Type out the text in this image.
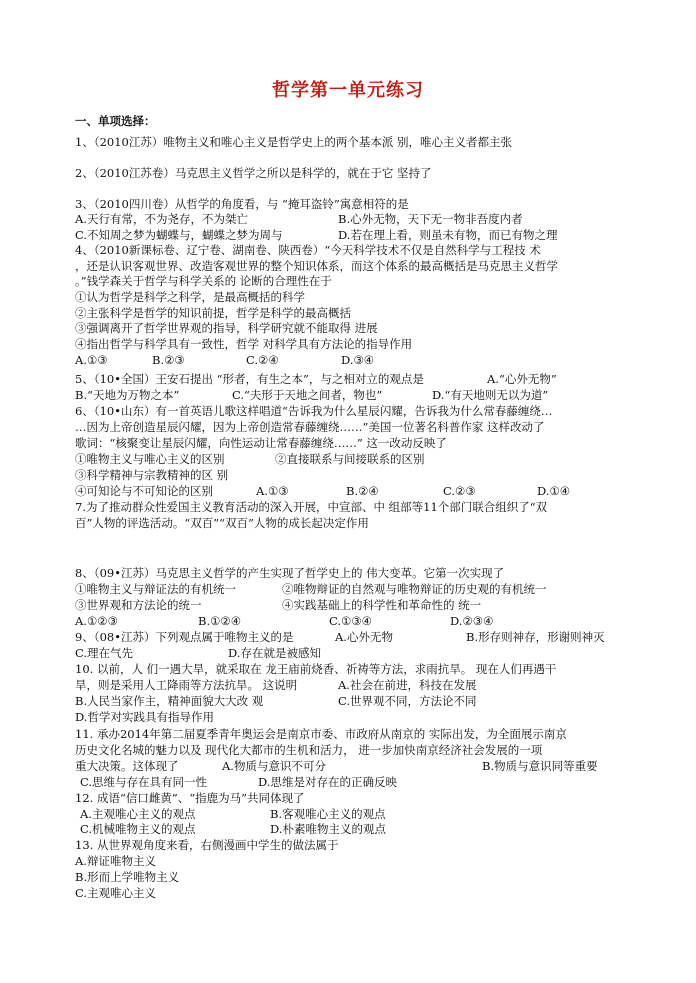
哲学第一单元练习
一、单项选择：
1、（2010江苏）唯物主义和唯心主义是哲学史上的两个基本派 别，唯心主义者都主张
2、（2010江苏卷）马克思主义哲学之所以是科学的，就在于它 坚持了
3、（2010四川卷）从哲学的角度看，与 “掩耳盗铃”寓意相符的是
A.天行有常，不为尧存，不为桀亡	B.心外无物，天下无一物非吾度内者
C.不知周之梦为蝴蝶与，蝴蝶之梦为周与	D.若在理上看，则虽未有物，而已有物之理
4、（2010新课标卷、辽宁卷、湖南卷、陕西卷）“今天科学技术不仅是自然科学与工程技 术
，还是认识客观世界、改造客观世界的整个知识体系，而这个体系的最高概括是马克思主义哲学
。”钱学森关于哲学与科学关系的 论断的合理性在于
①认为哲学是科学之科学，是最高概括的科学
②主张科学是哲学的知识前提，哲学是科学的最高概括
③强调离开了哲学世界观的指导，科学研究就不能取得 进展
④指出哲学与科学具有一致性，哲学 对科学具有方法论的指导作用
A.①③	B.②③	C.②④	D.③④
5、（10•全国）王安石提出 “形者，有生之本”，与之相对立的观点是	A.“心外无物”
B.“天地为万物之本”	C.“夫形于天地之间者，物也”	D.“有天地则无以为道”
6、（10•山东）有一首英语儿歌这样唱道“告诉我为什么星辰闪耀，告诉我为什么常春藤缠绕…
…因为上帝创造星辰闪耀，因为上帝创造常春藤缠绕……”美国一位著名科普作家 这样改动了
歌词：“核聚变让星辰闪耀，向性运动让常春藤缠绕……” 这一改动反映了
①唯物主义与唯心主义的区别	②直接联系与间接联系的区别
③科学精神与宗教精神的区 别
④可知论与不可知论的区别	A.①③	B.②④	C.②③	D.①④
7.为了推动群众性爱国主义教育活动的深入开展，中宣部、中 组部等11个部门联合组织了“双
百”人物的评选活动。“双百”“双百”人物的成长起决定作用
8、（09•江苏）马克思主义哲学的产生实现了哲学史上的 伟大变革。它第一次实现了
①唯物主义与辩证法的有机统一	②唯物辩证的自然观与唯物辩证的历史观的有机统一
③世界观和方法论的统一	④实践基础上的科学性和革命性的 统一
A.①②③	B.①②④	C.①③④	D.②③④
9、（08•江苏）下列观点属于唯物主义的是	A.心外无物	B.形存则神存，形谢则神灭
C.理在气先	D.存在就是被感知
10. 以前，人 们一遇大旱，就采取在 龙王庙前烧香、祈祷等方法，求雨抗旱。 现在人们再遇干
旱，则是采用人工降雨等方法抗旱。 这说明	A.社会在前进，科技在发展
B.人民当家作主，精神面貌大大改 观	C.世界观不同，方法论不同
D.哲学对实践具有指导作用
11. 承办2014年第二届夏季青年奥运会是南京市委、市政府从南京的 实际出发，为全面展示南京
历史文化名城的魅力以及 现代化大都市的生机和活力， 进一步加快南京经济社会发展的一项
重大决策。这体现了	A.物质与意识不可分	B.物质与意识同等重要
C.思维与存在具有同一性	D.思维是对存在的正确反映
12. 成语“信口雌黄”、“指鹿为马”共同体现了
A.主观唯心主义的观点	B.客观唯心主义的观点
C.机械唯物主义的观点	D.朴素唯物主义的观点
13. 从世界观角度来看，右侧漫画中学生的做法属于
A.辩证唯物主义
B.形而上学唯物主义
C.主观唯心主义
